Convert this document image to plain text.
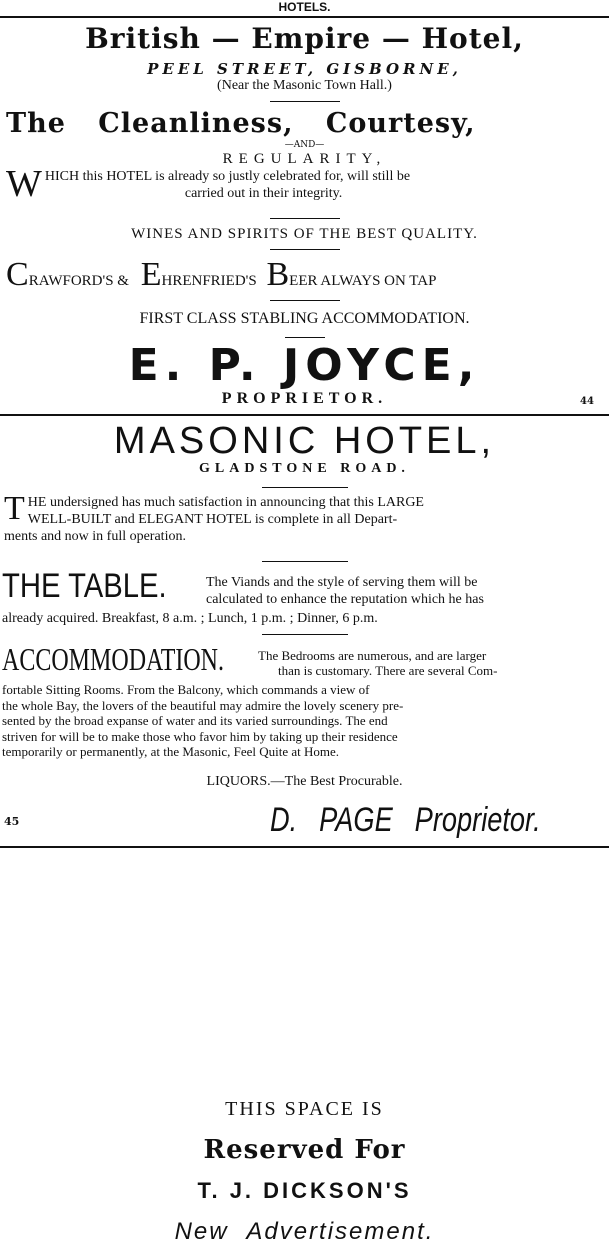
HOTELS.
British — Empire — Hotel,
PEEL STREET, GISBORNE,
(Near the Masonic Town Hall.)
The Cleanliness, Courtesy,
—AND—
REGULARITY,
W HICH this HOTEL is already so justly celebrated for, will still be
carried out in their integrity.
WINES AND SPIRITS OF THE BEST QUALITY.
CRAWFORD'S & EHRENFRIED'S BEER ALWAYS ON TAP
FIRST CLASS STABLING ACCOMMODATION.
E. P. JOYCE,
PROPRIETOR.	44
MASONIC HOTEL,
GLADSTONE ROAD.
T HE undersigned has much satisfaction in announcing that this LARGE
WELL-BUILT and ELEGANT HOTEL is complete in all Depart-
ments and now in full operation.
THE TABLE.	The Viands and the style of serving them will be
calculated to enhance the reputation which he has
already acquired. Breakfast, 8 a.m. ; Lunch, 1 p.m. ; Dinner, 6 p.m.
ACCOMMODATION.	The Bedrooms are numerous, and are larger
than is customary. There are several Com-
fortable Sitting Rooms. From the Balcony, which commands a view of
the whole Bay, the lovers of the beautiful may admire the lovely scenery pre-
sented by the broad expanse of water and its varied surroundings. The end
striven for will be to make those who favor him by taking up their residence
temporarily or permanently, at the Masonic, Feel Quite at Home.
LIQUORS.—The Best Procurable.
45	D. PAGE Proprietor.
THIS SPACE IS
Reserved For
T. J. DICKSON'S
New Advertisement.
